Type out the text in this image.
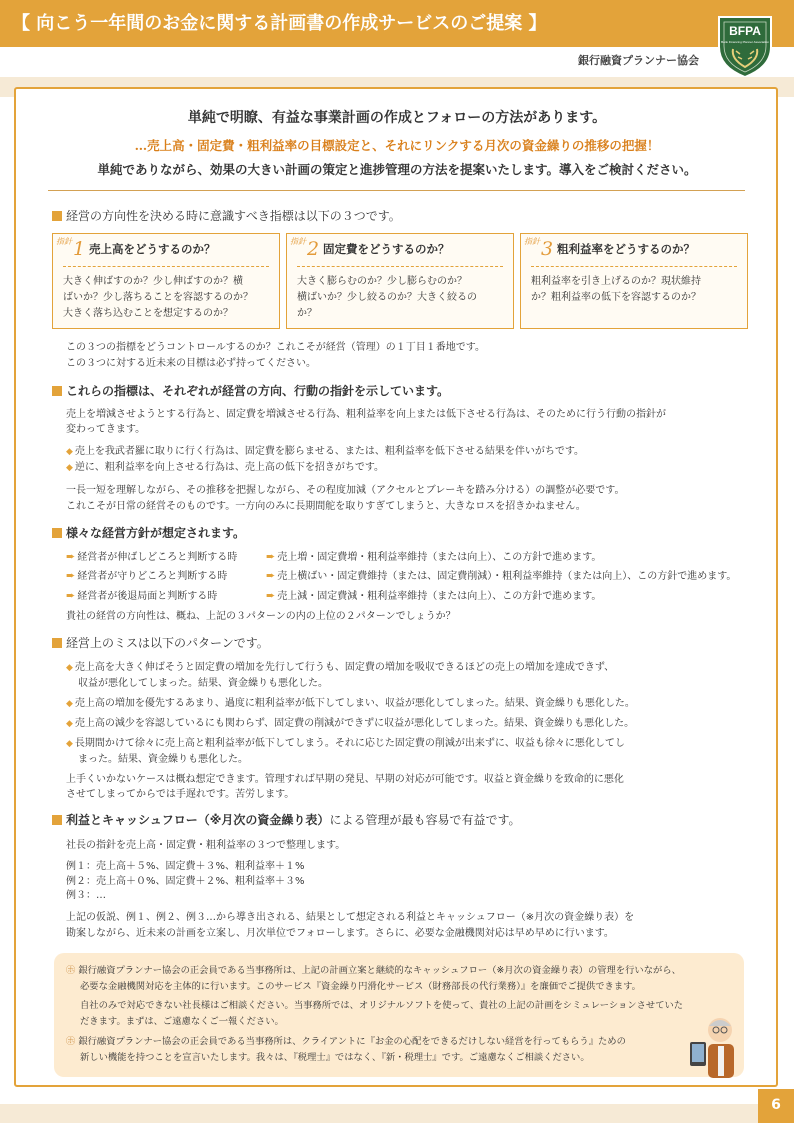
【 向こう一年間のお金に関する計画書の作成サービスのご提案 】	BFPA
Bank Financing Planner Association
銀行融資プランナー協会
単純で明瞭、有益な事業計画の作成とフォローの方法があります。
…売上高・固定費・粗利益率の目標設定と、それにリンクする月次の資金繰りの推移の把握！
単純でありながら、効果の大きい計画の策定と進捗管理の方法を提案いたします。導入をご検討ください。
経営の方向性を決める時に意識すべき指標は以下の３つです。
指針 1 売上高をどうするのか？
大きく伸ばすのか？少し伸ばすのか？横
ばいか？少し落ちることを容認するのか？
大きく落ち込むことを想定するのか？
指針 2 固定費をどうするのか？
大きく膨らむのか？少し膨らむのか？
横ばいか？少し絞るのか？大きく絞るの
か？
指針 3 粗利益率をどうするのか？
粗利益率を引き上げるのか？現状維持
か？粗利益率の低下を容認するのか？
この３つの指標をどうコントロールするのか？これこそが経営（管理）の１丁目１番地です。
この３つに対する近未来の目標は必ず持ってください。
これらの指標は、それぞれが経営の方向、行動の指針を示しています。
売上を増減させようとする行為と、固定費を増減させる行為、粗利益率を向上または低下させる行為は、そのために行う行動の指針が
変わってきます。
◆ 売上を我武者羅に取りに行く行為は、固定費を膨らませる、または、粗利益率を低下させる結果を伴いがちです。
◆ 逆に、粗利益率を向上させる行為は、売上高の低下を招きがちです。
一長一短を理解しながら、その推移を把握しながら、その程度加減（アクセルとブレーキを踏み分ける）の調整が必要です。
これこそが日常の経営そのものです。一方向のみに長期間舵を取りすぎてしまうと、大きなロスを招きかねません。
様々な経営方針が想定されます。
➨ 経営者が伸ばしどころと判断する時	➨ 売上増・固定費増・粗利益率維持（または向上）、この方針で進めます。
➨ 経営者が守りどころと判断する時	➨ 売上横ばい・固定費維持（または、固定費削減）・粗利益率維持（または向上）、この方針で進めます。
➨ 経営者が後退局面と判断する時	➨ 売上減・固定費減・粗利益率維持（または向上）、この方針で進めます。
貴社の経営の方向性は、概ね、上記の３パターンの内の上位の２パターンでしょうか？
経営上のミスは以下のパターンです。
◆ 売上高を大きく伸ばそうと固定費の増加を先行して行うも、固定費の増加を吸収できるほどの売上の増加を達成できず、
収益が悪化してしまった。結果、資金繰りも悪化した。
◆ 売上高の増加を優先するあまり、過度に粗利益率が低下してしまい、収益が悪化してしまった。結果、資金繰りも悪化した。
◆ 売上高の減少を容認しているにも関わらず、固定費の削減ができずに収益が悪化してしまった。結果、資金繰りも悪化した。
◆ 長期間かけて徐々に売上高と粗利益率が低下してしまう。それに応じた固定費の削減が出来ずに、収益も徐々に悪化してし
まった。結果、資金繰りも悪化した。
上手くいかないケースは概ね想定できます。管理すれば早期の発見、早期の対応が可能です。収益と資金繰りを致命的に悪化
させてしまってからでは手遅れです。苦労します。
利益とキャッシュフロー（※月次の資金繰り表）による管理が最も容易で有益です。
社長の指針を売上高・固定費・粗利益率の３つで整理します。
例１：売上高＋５%、固定費＋３%、粗利益率＋１%
例２：売上高＋０%、固定費＋２%、粗利益率＋３%
例３：…
上記の仮説、例１、例２、例３…から導き出される、結果として想定される利益とキャッシュフロー（※月次の資金繰り表）を
勘案しながら、近未来の計画を立案し、月次単位でフォローします。さらに、必要な金融機関対応は早め早めに行います。
㋭ 銀行融資プランナー協会の正会員である当事務所は、上記の計画立案と継続的なキャッシュフロー（※月次の資金繰り表）の管理を行いながら、
必要な金融機関対応を主体的に行います。このサービス『資金繰り円滑化サービス（財務部長の代行業務）』を廉価でご提供できます。
自社のみで対応できない社長様はご相談ください。当事務所では、オリジナルソフトを使って、貴社の上記の計画をシミュレーションさせていた
だきます。まずは、ご遠慮なくご一報ください。
㋭ 銀行融資プランナー協会の正会員である当事務所は、クライアントに『お金の心配をできるだけしない経営を行ってもらう』ための
新しい機能を持つことを宣言いたします。我々は、『税理士』ではなく、『新・税理士』です。ご遠慮なくご相談ください。
6
